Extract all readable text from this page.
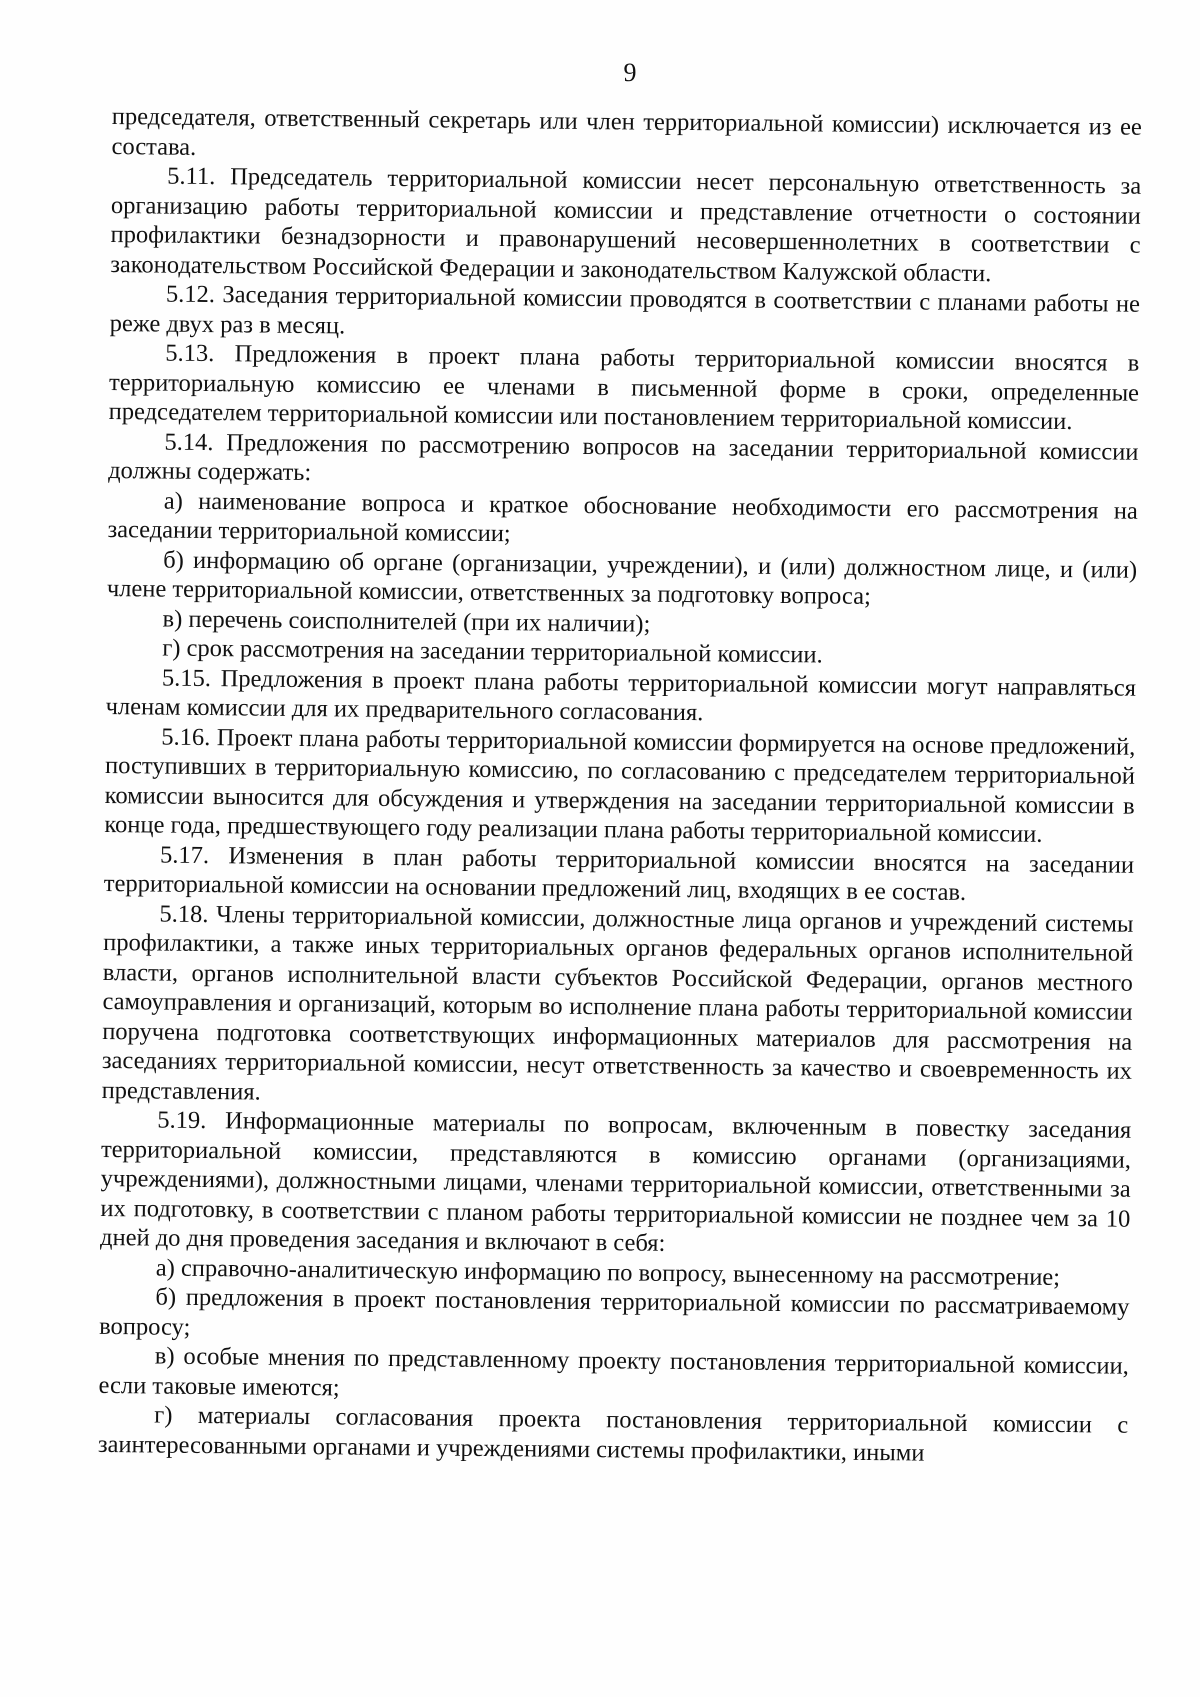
9

председателя, ответственный секретарь или член территориальной комиссии) исключается из ее состава.

5.11. Председатель территориальной комиссии несет персональную ответственность за организацию работы территориальной комиссии и представление отчетности о состоянии профилактики безнадзорности и правонарушений несовершеннолетних в соответствии с законодательством Российской Федерации и законодательством Калужской области.

5.12. Заседания территориальной комиссии проводятся в соответствии с планами работы не реже двух раз в месяц.

5.13. Предложения в проект плана работы территориальной комиссии вносятся в территориальную комиссию ее членами в письменной форме в сроки, определенные председателем территориальной комиссии или постановлением территориальной комиссии.

5.14. Предложения по рассмотрению вопросов на заседании территориальной комиссии должны содержать:

а) наименование вопроса и краткое обоснование необходимости его рассмотрения на заседании территориальной комиссии;

б) информацию об органе (организации, учреждении), и (или) должностном лице, и (или) члене территориальной комиссии, ответственных за подготовку вопроса;

в) перечень соисполнителей (при их наличии);

г) срок рассмотрения на заседании территориальной комиссии.

5.15. Предложения в проект плана работы территориальной комиссии могут направляться членам комиссии для их предварительного согласования.

5.16. Проект плана работы территориальной комиссии формируется на основе предложений, поступивших в территориальную комиссию, по согласованию с председателем территориальной комиссии выносится для обсуждения и утверждения на заседании территориальной комиссии в конце года, предшествующего году реализации плана работы территориальной комиссии.

5.17. Изменения в план работы территориальной комиссии вносятся на заседании территориальной комиссии на основании предложений лиц, входящих в ее состав.

5.18. Члены территориальной комиссии, должностные лица органов и учреждений системы профилактики, а также иных территориальных органов федеральных органов исполнительной власти, органов исполнительной власти субъектов Российской Федерации, органов местного самоуправления и организаций, которым во исполнение плана работы территориальной комиссии поручена подготовка соответствующих информационных материалов для рассмотрения на заседаниях территориальной комиссии, несут ответственность за качество и своевременность их представления.

5.19. Информационные материалы по вопросам, включенным в повестку заседания территориальной комиссии, представляются в комиссию органами (организациями, учреждениями), должностными лицами, членами территориальной комиссии, ответственными за их подготовку, в соответствии с планом работы территориальной комиссии не позднее чем за 10 дней до дня проведения заседания и включают в себя:

а) справочно-аналитическую информацию по вопросу, вынесенному на рассмотрение;

б) предложения в проект постановления территориальной комиссии по рассматриваемому вопросу;

в) особые мнения по представленному проекту постановления территориальной комиссии, если таковые имеются;

г) материалы согласования проекта постановления территориальной комиссии с заинтересованными органами и учреждениями системы профилактики, иными
